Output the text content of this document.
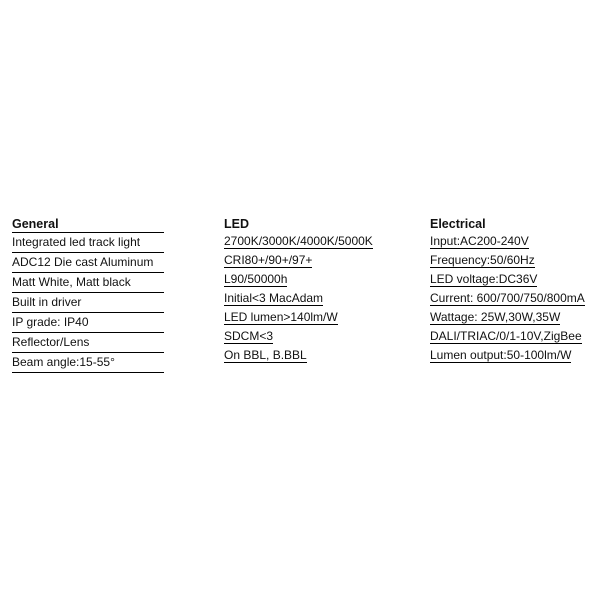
General
Integrated led track light
ADC12 Die cast Aluminum
Matt White, Matt black
Built in driver
IP grade: IP40
Reflector/Lens
Beam angle:15-55°
LED
2700K/3000K/4000K/5000K
CRI80+/90+/97+
L90/50000h
Initial<3 MacAdam
LED lumen>140lm/W
SDCM<3
On BBL, B.BBL
Electrical
Input:AC200-240V
Frequency:50/60Hz
LED voltage:DC36V
Current: 600/700/750/800mA
Wattage: 25W,30W,35W
DALI/TRIAC/0/1-10V,ZigBee
Lumen output:50-100lm/W
